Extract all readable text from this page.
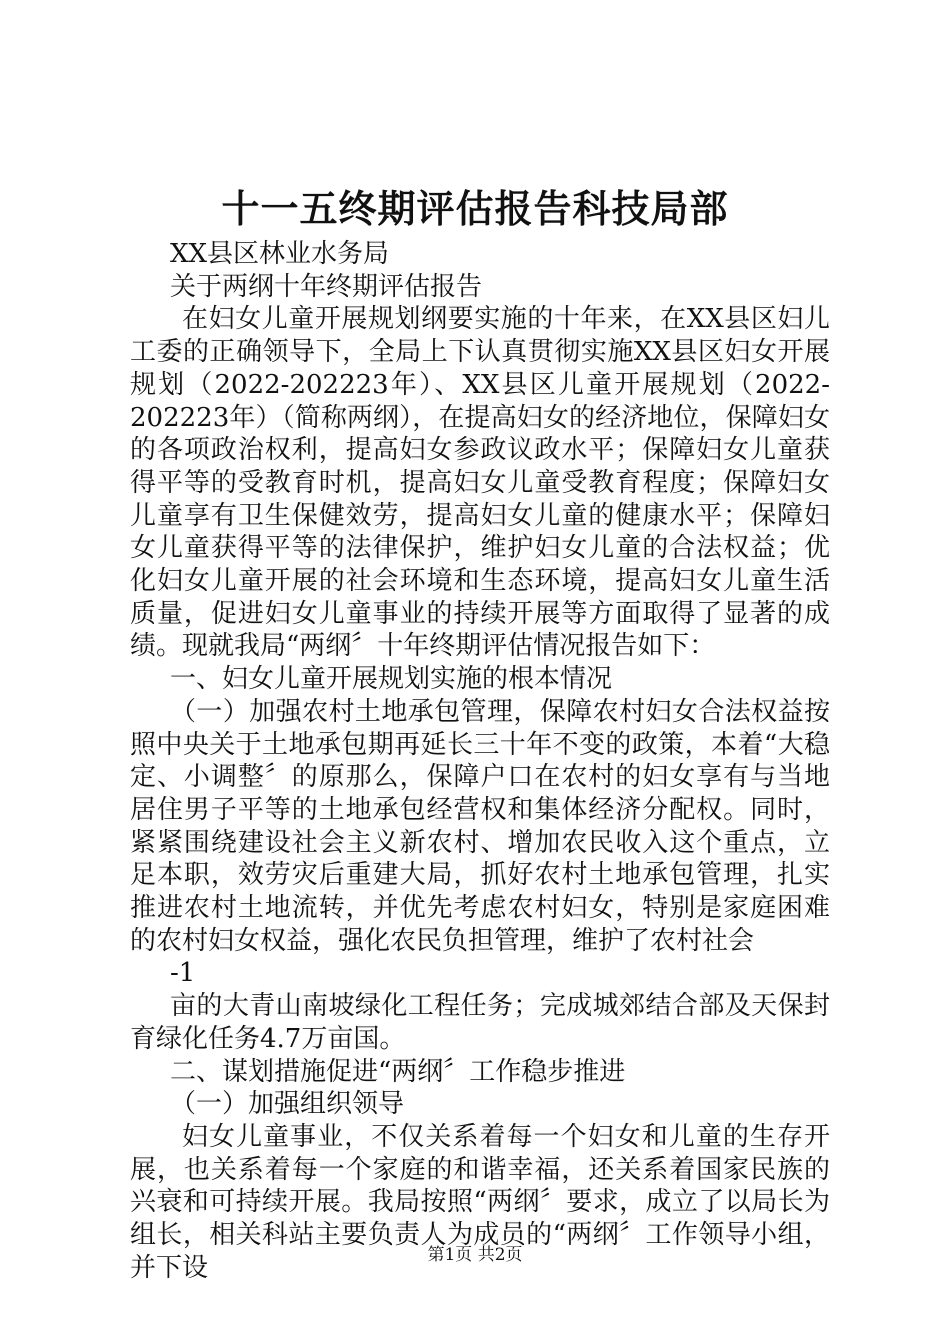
十一五终期评估报告科技局部

XX县区林业水务局

关于两纲十年终期评估报告

在妇女儿童开展规划纲要实施的十年来，在XX县区妇儿工委的正确领导下，全局上下认真贯彻实施XX县区妇女开展规划（2022-202223年）、XX县区儿童开展规划（2022-202223年）（简称两纲），在提高妇女的经济地位，保障妇女的各项政治权利，提高妇女参政议政水平；保障妇女儿童获得平等的受教育时机，提高妇女儿童受教育程度；保障妇女儿童享有卫生保健效劳，提高妇女儿童的健康水平；保障妇女儿童获得平等的法律保护，维护妇女儿童的合法权益；优化妇女儿童开展的社会环境和生态环境，提高妇女儿童生活质量，促进妇女儿童事业的持续开展等方面取得了显著的成绩。现就我局“两纲〞十年终期评估情况报告如下：

一、妇女儿童开展规划实施的根本情况

（一）加强农村土地承包管理，保障农村妇女合法权益按照中央关于土地承包期再延长三十年不变的政策，本着“大稳定、小调整〞的原那么，保障户口在农村的妇女享有与当地居住男子平等的土地承包经营权和集体经济分配权。同时，紧紧围绕建设社会主义新农村、增加农民收入这个重点，立足本职，效劳灾后重建大局，抓好农村土地承包管理，扎实推进农村土地流转，并优先考虑农村妇女，特别是家庭困难的农村妇女权益，强化农民负担管理，维护了农村社会

-1

亩的大青山南坡绿化工程任务；完成城郊结合部及天保封育绿化任务4.7万亩国。

二、谋划措施促进“两纲〞工作稳步推进

（一）加强组织领导

妇女儿童事业，不仅关系着每一个妇女和儿童的生存开展，也关系着每一个家庭的和谐幸福，还关系着国家民族的兴衰和可持续开展。我局按照“两纲〞要求，成立了以局长为组长，相关科站主要负责人为成员的“两纲〞工作领导小组，并下设	第1页 共2页
